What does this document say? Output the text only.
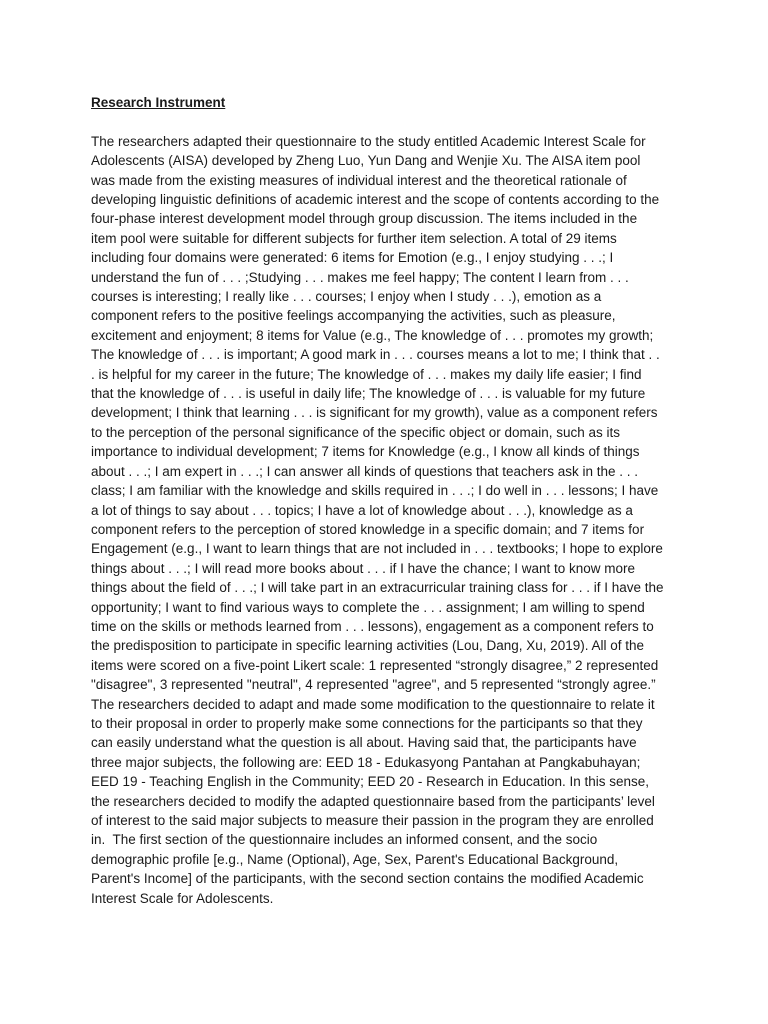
Research Instrument
The researchers adapted their questionnaire to the study entitled Academic Interest Scale for
Adolescents (AISA) developed by Zheng Luo, Yun Dang and Wenjie Xu. The AISA item pool
was made from the existing measures of individual interest and the theoretical rationale of
developing linguistic definitions of academic interest and the scope of contents according to the
four-phase interest development model through group discussion. The items included in the
item pool were suitable for different subjects for further item selection. A total of 29 items
including four domains were generated: 6 items for Emotion (e.g., I enjoy studying . . .; I
understand the fun of . . . ;Studying . . . makes me feel happy; The content I learn from . . .
courses is interesting; I really like . . . courses; I enjoy when I study . . .), emotion as a
component refers to the positive feelings accompanying the activities, such as pleasure,
excitement and enjoyment; 8 items for Value (e.g., The knowledge of . . . promotes my growth;
The knowledge of . . . is important; A good mark in . . . courses means a lot to me; I think that . .
. is helpful for my career in the future; The knowledge of . . . makes my daily life easier; I find
that the knowledge of . . . is useful in daily life; The knowledge of . . . is valuable for my future
development; I think that learning . . . is significant for my growth), value as a component refers
to the perception of the personal significance of the specific object or domain, such as its
importance to individual development; 7 items for Knowledge (e.g., I know all kinds of things
about . . .; I am expert in . . .; I can answer all kinds of questions that teachers ask in the . . .
class; I am familiar with the knowledge and skills required in . . .; I do well in . . . lessons; I have
a lot of things to say about . . . topics; I have a lot of knowledge about . . .), knowledge as a
component refers to the perception of stored knowledge in a specific domain; and 7 items for
Engagement (e.g., I want to learn things that are not included in . . . textbooks; I hope to explore
things about . . .; I will read more books about . . . if I have the chance; I want to know more
things about the field of . . .; I will take part in an extracurricular training class for . . . if I have the
opportunity; I want to find various ways to complete the . . . assignment; I am willing to spend
time on the skills or methods learned from . . . lessons), engagement as a component refers to
the predisposition to participate in specific learning activities (Lou, Dang, Xu, 2019). All of the
items were scored on a five-point Likert scale: 1 represented “strongly disagree,” 2 represented
"disagree", 3 represented "neutral", 4 represented "agree", and 5 represented “strongly agree.”
The researchers decided to adapt and made some modification to the questionnaire to relate it
to their proposal in order to properly make some connections for the participants so that they
can easily understand what the question is all about. Having said that, the participants have
three major subjects, the following are: EED 18 - Edukasyong Pantahan at Pangkabuhayan;
EED 19 - Teaching English in the Community; EED 20 - Research in Education. In this sense,
the researchers decided to modify the adapted questionnaire based from the participants’ level
of interest to the said major subjects to measure their passion in the program they are enrolled
in.  The first section of the questionnaire includes an informed consent, and the socio
demographic profile [e.g., Name (Optional), Age, Sex, Parent's Educational Background,
Parent's Income] of the participants, with the second section contains the modified Academic
Interest Scale for Adolescents.
